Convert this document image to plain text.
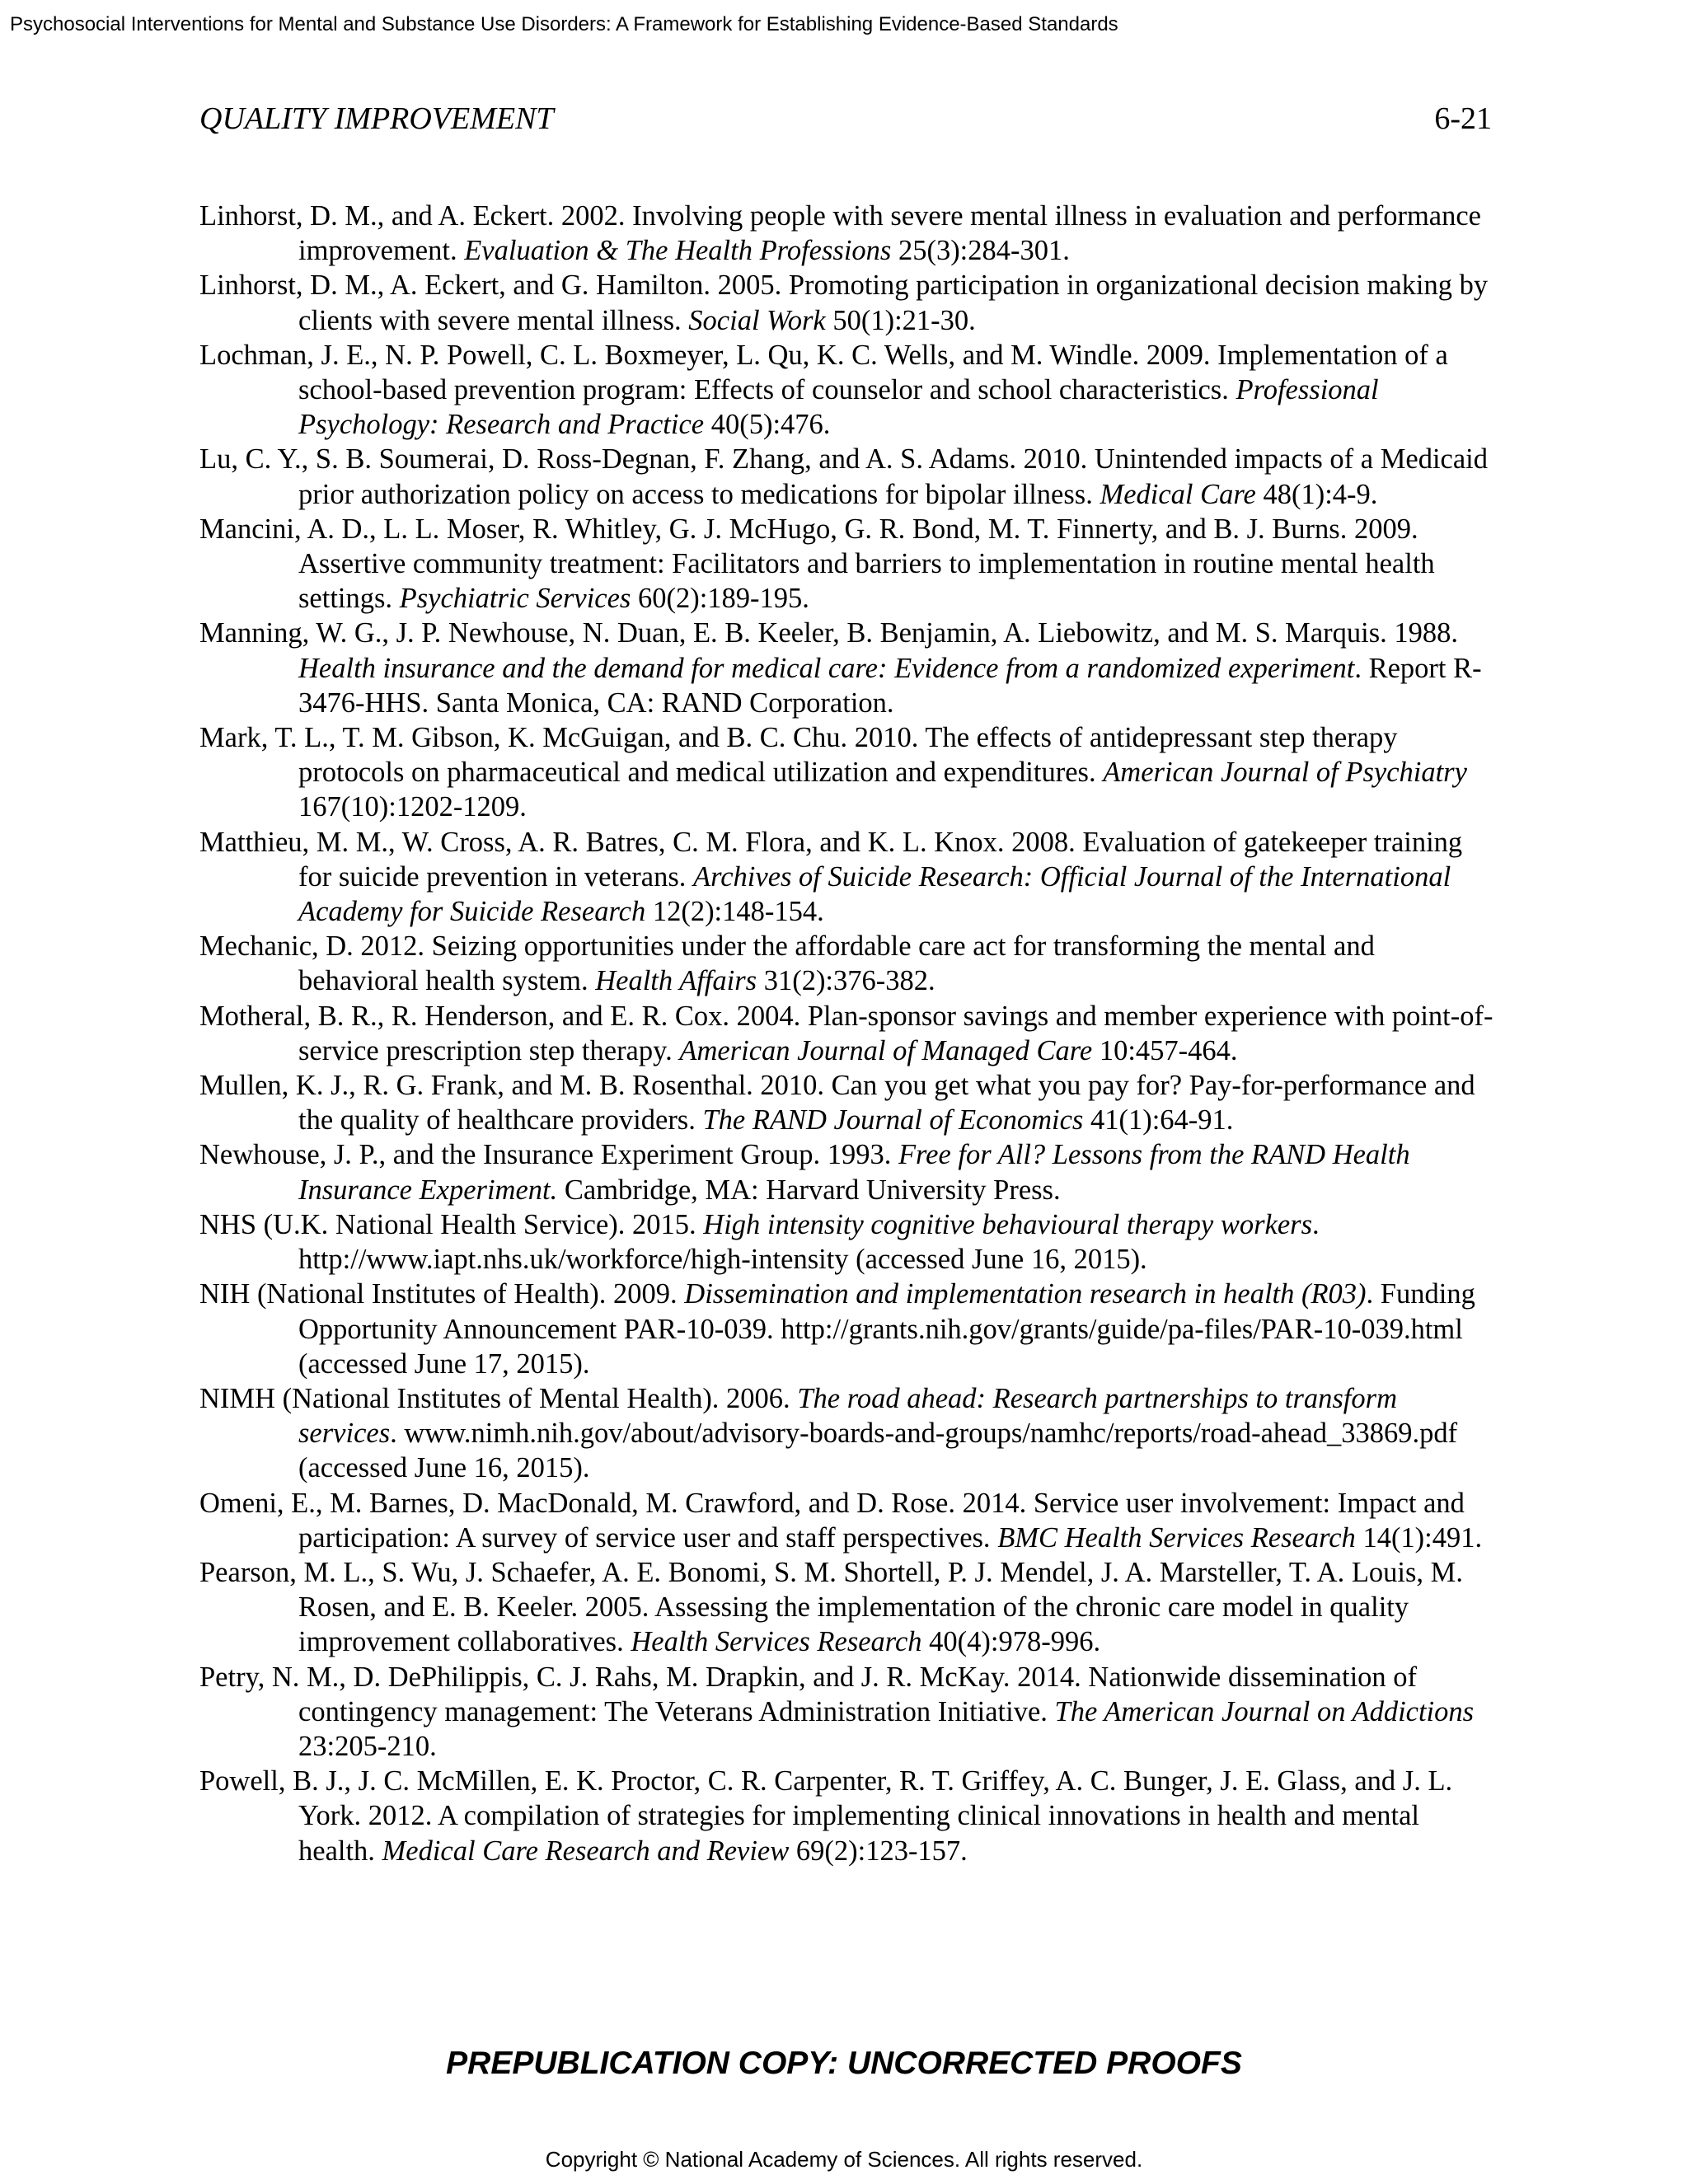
Psychosocial Interventions for Mental and Substance Use Disorders: A Framework for Establishing Evidence-Based Standards
QUALITY IMPROVEMENT	6-21
Linhorst, D. M., and A. Eckert. 2002. Involving people with severe mental illness in evaluation and performance improvement. Evaluation & The Health Professions 25(3):284-301.
Linhorst, D. M., A. Eckert, and G. Hamilton. 2005. Promoting participation in organizational decision making by clients with severe mental illness. Social Work 50(1):21-30.
Lochman, J. E., N. P. Powell, C. L. Boxmeyer, L. Qu, K. C. Wells, and M. Windle. 2009. Implementation of a school-based prevention program: Effects of counselor and school characteristics. Professional Psychology: Research and Practice 40(5):476.
Lu, C. Y., S. B. Soumerai, D. Ross-Degnan, F. Zhang, and A. S. Adams. 2010. Unintended impacts of a Medicaid prior authorization policy on access to medications for bipolar illness. Medical Care 48(1):4-9.
Mancini, A. D., L. L. Moser, R. Whitley, G. J. McHugo, G. R. Bond, M. T. Finnerty, and B. J. Burns. 2009. Assertive community treatment: Facilitators and barriers to implementation in routine mental health settings. Psychiatric Services 60(2):189-195.
Manning, W. G., J. P. Newhouse, N. Duan, E. B. Keeler, B. Benjamin, A. Liebowitz, and M. S. Marquis. 1988. Health insurance and the demand for medical care: Evidence from a randomized experiment. Report R-3476-HHS. Santa Monica, CA: RAND Corporation.
Mark, T. L., T. M. Gibson, K. McGuigan, and B. C. Chu. 2010. The effects of antidepressant step therapy protocols on pharmaceutical and medical utilization and expenditures. American Journal of Psychiatry 167(10):1202-1209.
Matthieu, M. M., W. Cross, A. R. Batres, C. M. Flora, and K. L. Knox. 2008. Evaluation of gatekeeper training for suicide prevention in veterans. Archives of Suicide Research: Official Journal of the International Academy for Suicide Research 12(2):148-154.
Mechanic, D. 2012. Seizing opportunities under the affordable care act for transforming the mental and behavioral health system. Health Affairs 31(2):376-382.
Motheral, B. R., R. Henderson, and E. R. Cox. 2004. Plan-sponsor savings and member experience with point-of-service prescription step therapy. American Journal of Managed Care 10:457-464.
Mullen, K. J., R. G. Frank, and M. B. Rosenthal. 2010. Can you get what you pay for? Pay-for-performance and the quality of healthcare providers. The RAND Journal of Economics 41(1):64-91.
Newhouse, J. P., and the Insurance Experiment Group. 1993. Free for All? Lessons from the RAND Health Insurance Experiment. Cambridge, MA: Harvard University Press.
NHS (U.K. National Health Service). 2015. High intensity cognitive behavioural therapy workers. http://www.iapt.nhs.uk/workforce/high-intensity (accessed June 16, 2015).
NIH (National Institutes of Health). 2009. Dissemination and implementation research in health (R03). Funding Opportunity Announcement PAR-10-039. http://grants.nih.gov/grants/guide/pa-files/PAR-10-039.html (accessed June 17, 2015).
NIMH (National Institutes of Mental Health). 2006. The road ahead: Research partnerships to transform services. www.nimh.nih.gov/about/advisory-boards-and-groups/namhc/reports/road-ahead_33869.pdf (accessed June 16, 2015).
Omeni, E., M. Barnes, D. MacDonald, M. Crawford, and D. Rose. 2014. Service user involvement: Impact and participation: A survey of service user and staff perspectives. BMC Health Services Research 14(1):491.
Pearson, M. L., S. Wu, J. Schaefer, A. E. Bonomi, S. M. Shortell, P. J. Mendel, J. A. Marsteller, T. A. Louis, M. Rosen, and E. B. Keeler. 2005. Assessing the implementation of the chronic care model in quality improvement collaboratives. Health Services Research 40(4):978-996.
Petry, N. M., D. DePhilippis, C. J. Rahs, M. Drapkin, and J. R. McKay. 2014. Nationwide dissemination of contingency management: The Veterans Administration Initiative. The American Journal on Addictions 23:205-210.
Powell, B. J., J. C. McMillen, E. K. Proctor, C. R. Carpenter, R. T. Griffey, A. C. Bunger, J. E. Glass, and J. L. York. 2012. A compilation of strategies for implementing clinical innovations in health and mental health. Medical Care Research and Review 69(2):123-157.
PREPUBLICATION COPY: UNCORRECTED PROOFS
Copyright © National Academy of Sciences. All rights reserved.
